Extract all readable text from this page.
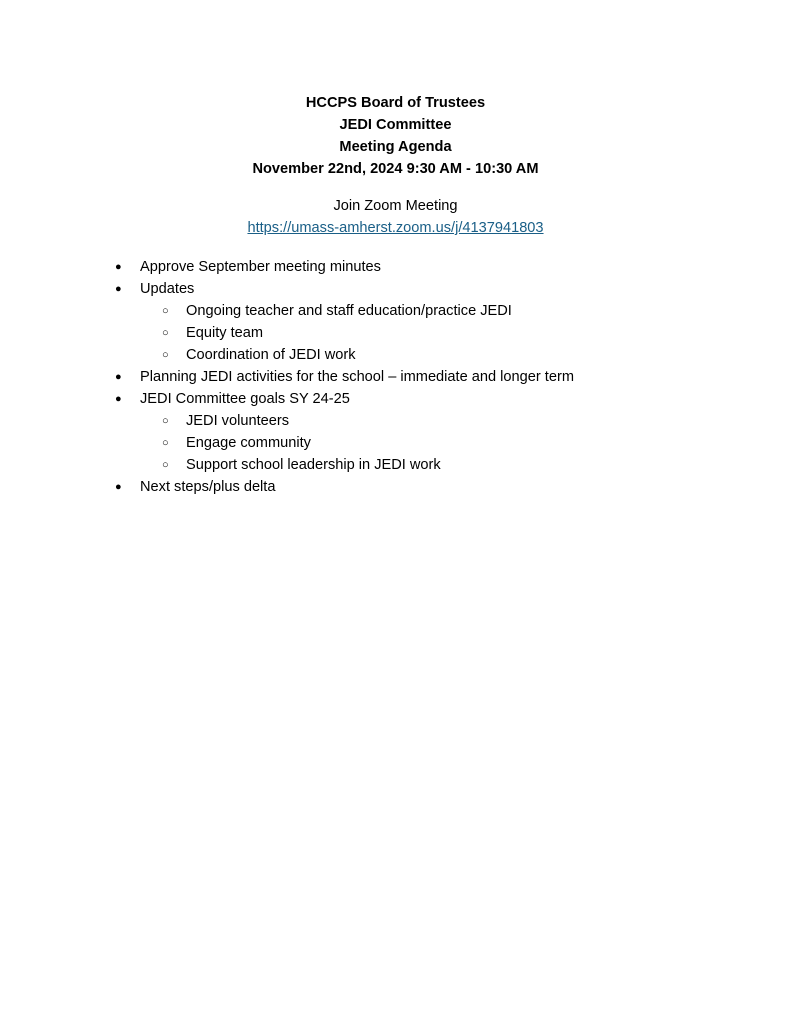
HCCPS Board of Trustees
JEDI Committee
Meeting Agenda
November 22nd, 2024 9:30 AM - 10:30 AM
Join Zoom Meeting
https://umass-amherst.zoom.us/j/4137941803
● Approve September meeting minutes
● Updates
○ Ongoing teacher and staff education/practice JEDI
○ Equity team
○ Coordination of JEDI work
● Planning JEDI activities for the school – immediate and longer term
● JEDI Committee goals SY 24-25
○ JEDI volunteers
○ Engage community
○ Support school leadership in JEDI work
● Next steps/plus delta
